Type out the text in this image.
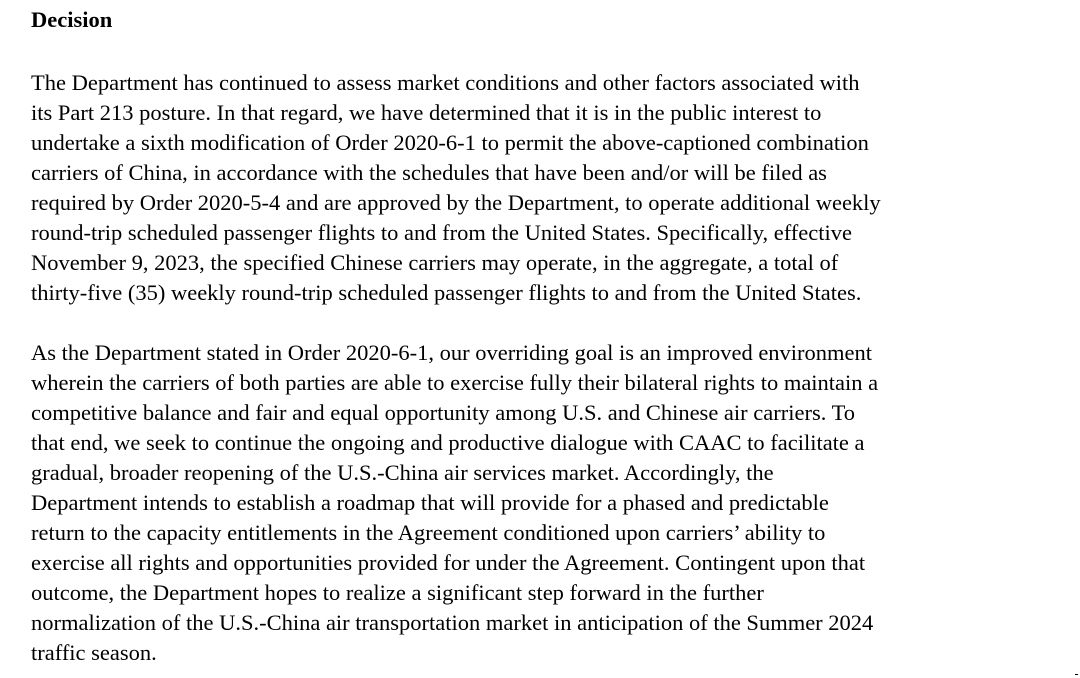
Decision

The Department has continued to assess market conditions and other factors associated with
its Part 213 posture. In that regard, we have determined that it is in the public interest to
undertake a sixth modification of Order 2020-6-1 to permit the above-captioned combination
carriers of China, in accordance with the schedules that have been and/or will be filed as
required by Order 2020-5-4 and are approved by the Department, to operate additional weekly
round-trip scheduled passenger flights to and from the United States. Specifically, effective
November 9, 2023, the specified Chinese carriers may operate, in the aggregate, a total of
thirty-five (35) weekly round-trip scheduled passenger flights to and from the United States.

As the Department stated in Order 2020-6-1, our overriding goal is an improved environment
wherein the carriers of both parties are able to exercise fully their bilateral rights to maintain a
competitive balance and fair and equal opportunity among U.S. and Chinese air carriers. To
that end, we seek to continue the ongoing and productive dialogue with CAAC to facilitate a
gradual, broader reopening of the U.S.-China air services market. Accordingly, the
Department intends to establish a roadmap that will provide for a phased and predictable
return to the capacity entitlements in the Agreement conditioned upon carriers’ ability to
exercise all rights and opportunities provided for under the Agreement. Contingent upon that
outcome, the Department hopes to realize a significant step forward in the further
normalization of the U.S.-China air transportation market in anticipation of the Summer 2024
traffic season.
